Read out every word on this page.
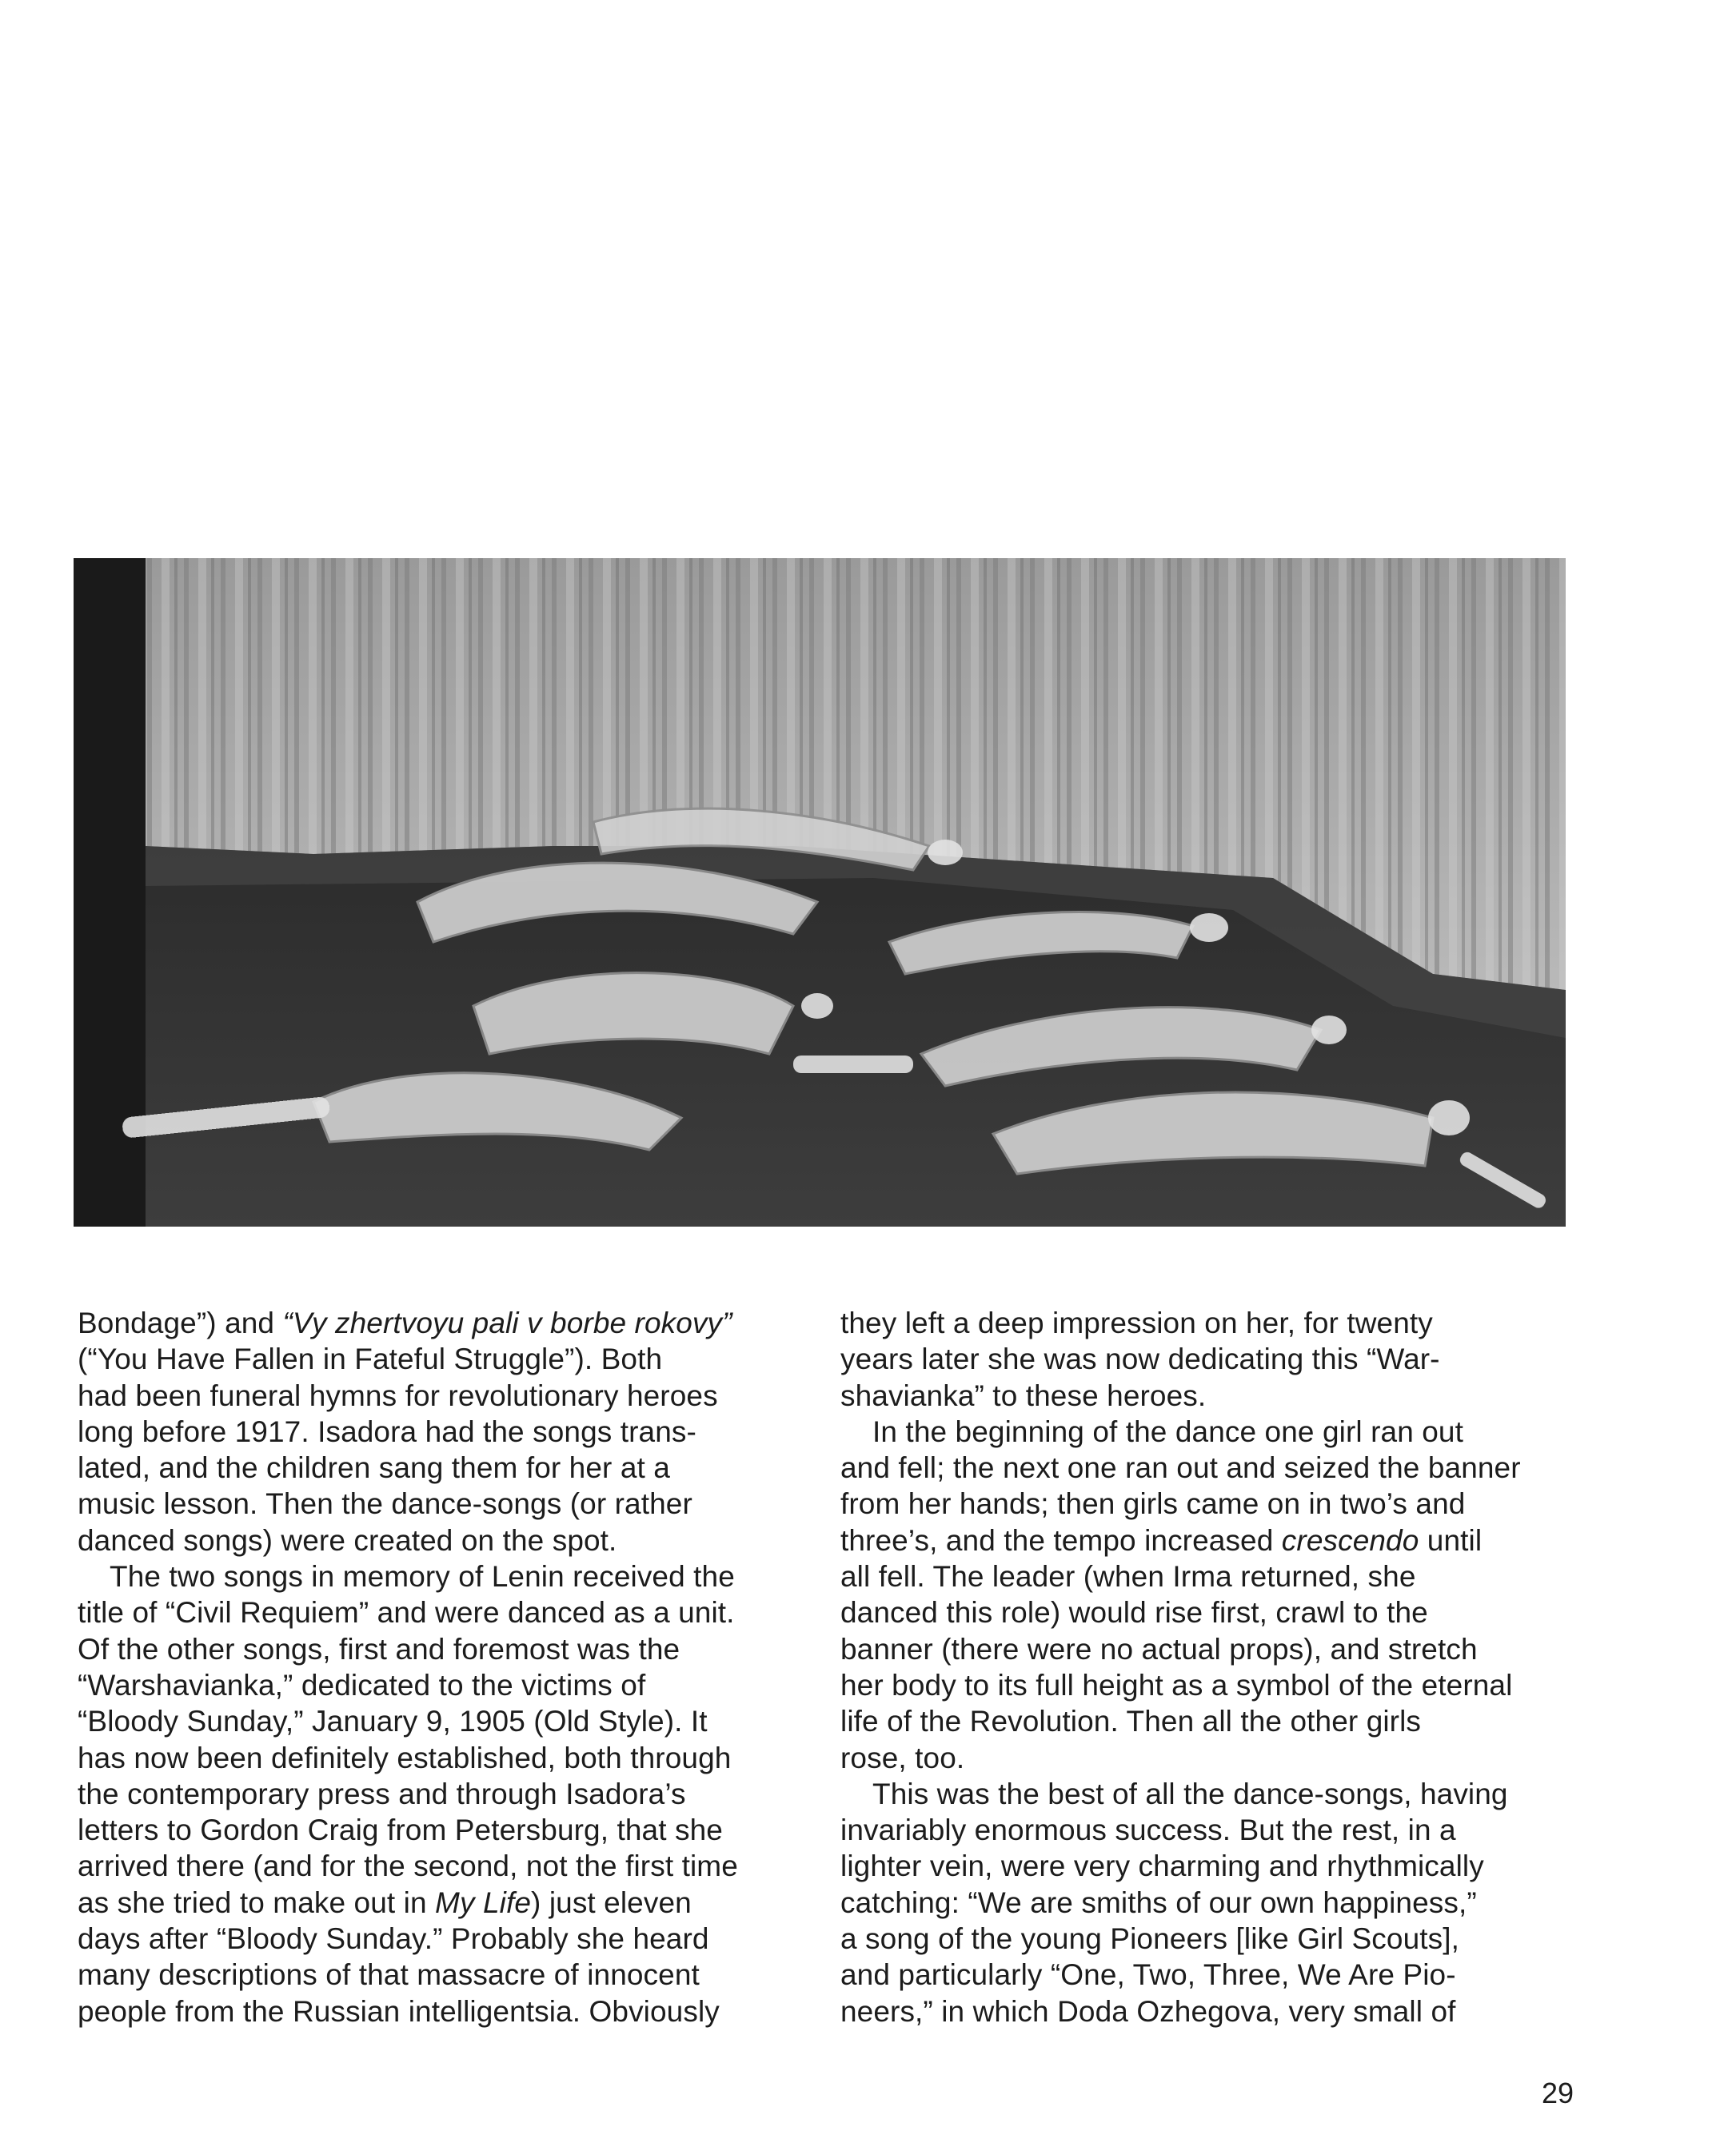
Bondage”) and “Vy zhertvoyu pali v borbe rokovy”
(“You Have Fallen in Fateful Struggle”). Both
had been funeral hymns for revolutionary heroes
long before 1917. Isadora had the songs trans-
lated, and the children sang them for her at a
music lesson. Then the dance-songs (or rather
danced songs) were created on the spot.
The two songs in memory of Lenin received the
title of “Civil Requiem” and were danced as a unit.
Of the other songs, first and foremost was the
“Warshavianka,” dedicated to the victims of
“Bloody Sunday,” January 9, 1905 (Old Style). It
has now been definitely established, both through
the contemporary press and through Isadora’s
letters to Gordon Craig from Petersburg, that she
arrived there (and for the second, not the first time
as she tried to make out in My Life) just eleven
days after “Bloody Sunday.” Probably she heard
many descriptions of that massacre of innocent
people from the Russian intelligentsia. Obviously
they left a deep impression on her, for twenty
years later she was now dedicating this “War-
shavianka” to these heroes.
In the beginning of the dance one girl ran out
and fell; the next one ran out and seized the banner
from her hands; then girls came on in two’s and
three’s, and the tempo increased crescendo until
all fell. The leader (when Irma returned, she
danced this role) would rise first, crawl to the
banner (there were no actual props), and stretch
her body to its full height as a symbol of the eternal
life of the Revolution. Then all the other girls
rose, too.
This was the best of all the dance-songs, having
invariably enormous success. But the rest, in a
lighter vein, were very charming and rhythmically
catching: “We are smiths of our own happiness,”
a song of the young Pioneers [like Girl Scouts],
and particularly “One, Two, Three, We Are Pio-
neers,” in which Doda Ozhegova, very small of
29
